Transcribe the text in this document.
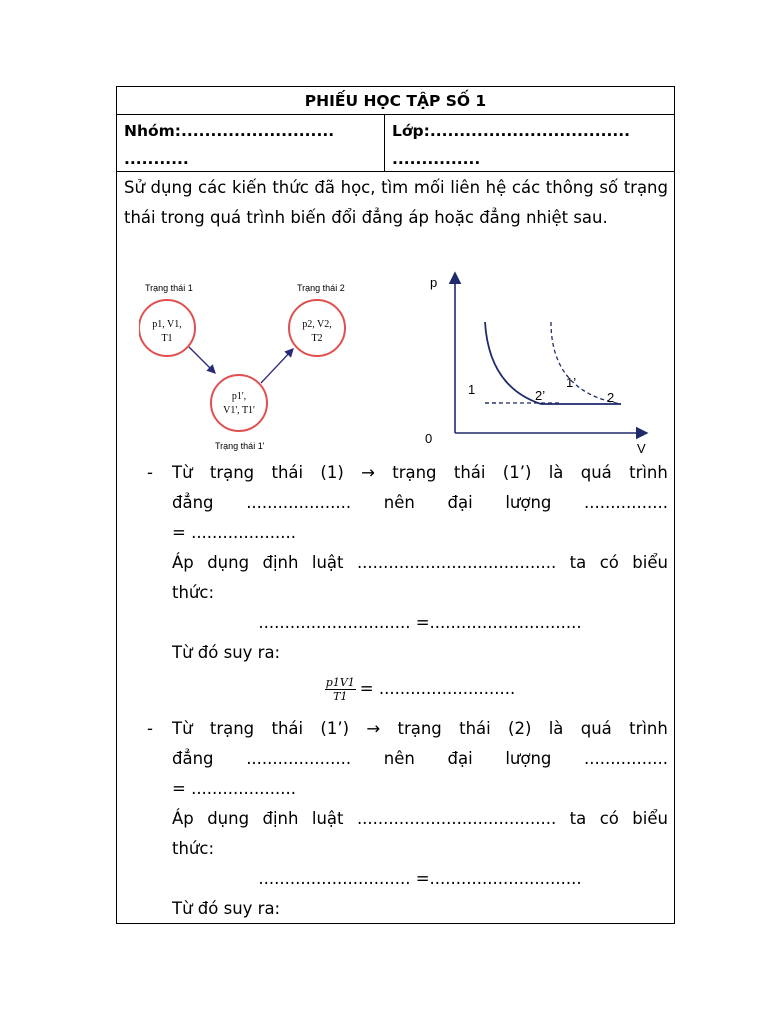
PHIẾU HỌC TẬP SỐ 1
Nhóm:..........................
...........
Lớp:..................................
...............
Sử dụng các kiến thức đã học, tìm mối liên hệ các thông số trạng thái trong quá trình biến đổi đẳng áp hoặc đẳng nhiệt sau.
Trạng thái 1
p1, V1,
T1
Trạng thái 2
p2, V2,
T2
p1',
V1', T1'
Trạng thái 1'
p
V
0
1	1’
2’	2
-	Từ trạng thái (1) → trạng thái (1’) là quá trình
đẳng .................... nên đại lượng ................
= ....................
Áp dụng định luật ...................................... ta có biểu
thức:
............................. =.............................
Từ đó suy ra:
$\frac{p1V1}{T1}$ = ..........................
-	Từ trạng thái (1’) → trạng thái (2) là quá trình
đẳng .................... nên đại lượng ................
= ....................
Áp dụng định luật ...................................... ta có biểu
thức:
............................. =.............................
Từ đó suy ra:
